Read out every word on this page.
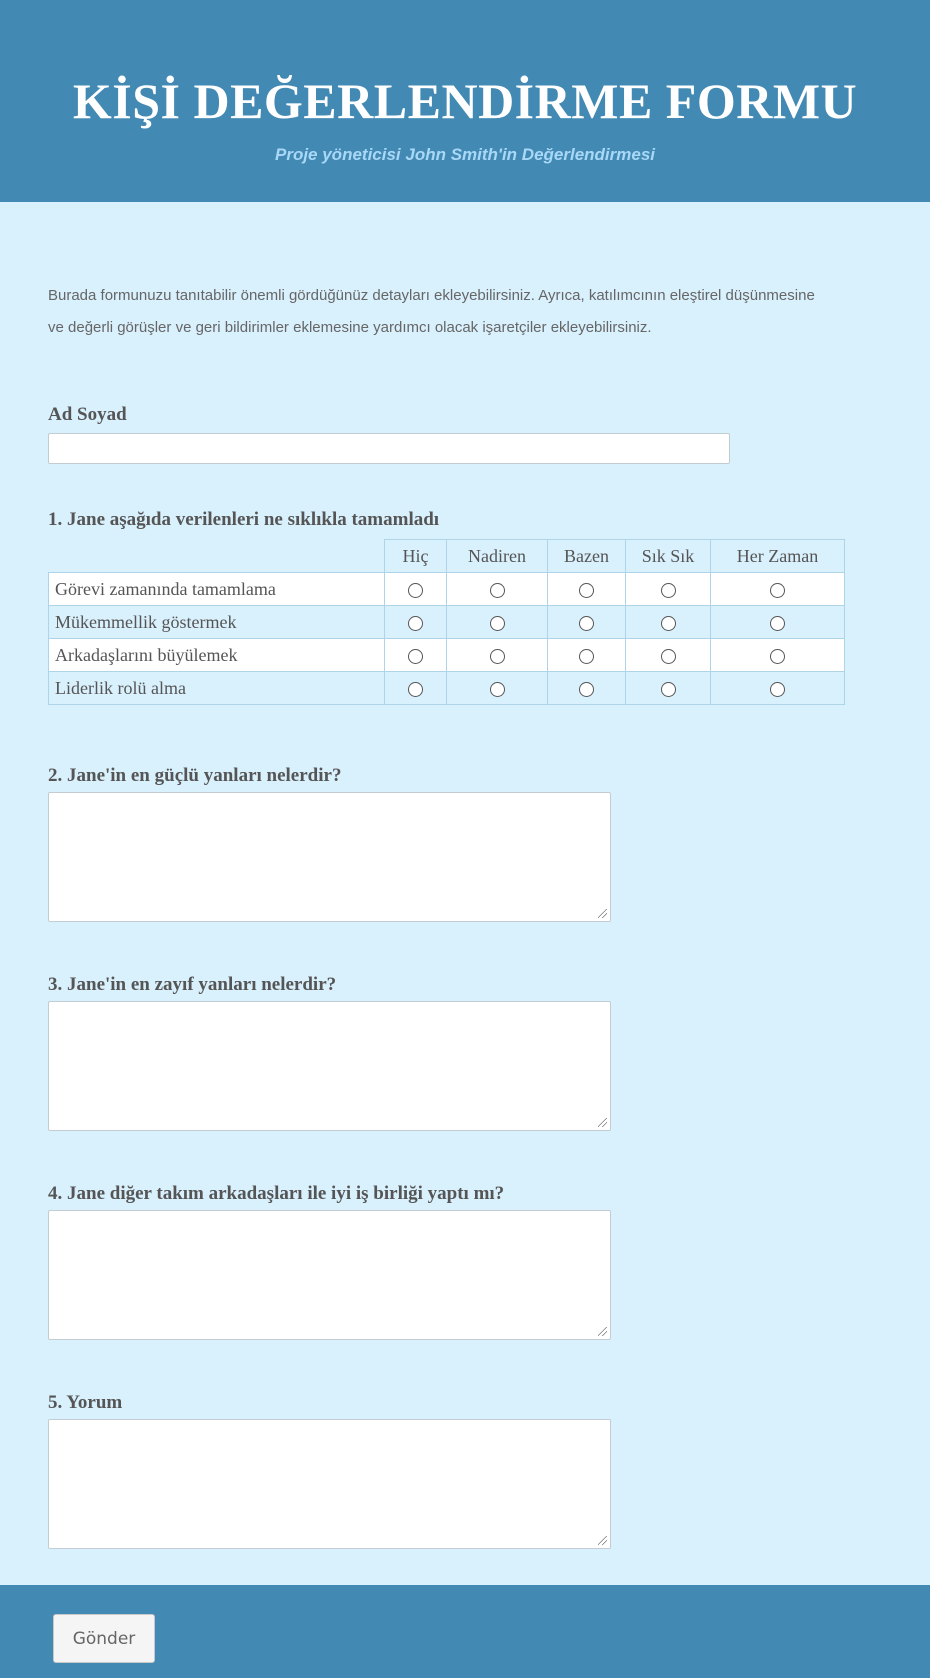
KİŞİ DEĞERLENDİRME FORMU
Proje yöneticisi John Smith'in Değerlendirmesi
Burada formunuzu tanıtabilir önemli gördüğünüz detayları ekleyebilirsiniz. Ayrıca, katılımcının eleştirel düşünmesine
ve değerli görüşler ve geri bildirimler eklemesine yardımcı olacak işaretçiler ekleyebilirsiniz.
Ad Soyad
1. Jane aşağıda verilenleri ne sıklıkla tamamladı
	Hiç	Nadiren	Bazen	Sık Sık	Her Zaman
Görevi zamanında tamamlama					
Mükemmellik göstermek					
Arkadaşlarını büyülemek					
Liderlik rolü alma					
2. Jane'in en güçlü yanları nelerdir?
3. Jane'in en zayıf yanları nelerdir?
4. Jane diğer takım arkadaşları ile iyi iş birliği yaptı mı?
5. Yorum
Gönder
